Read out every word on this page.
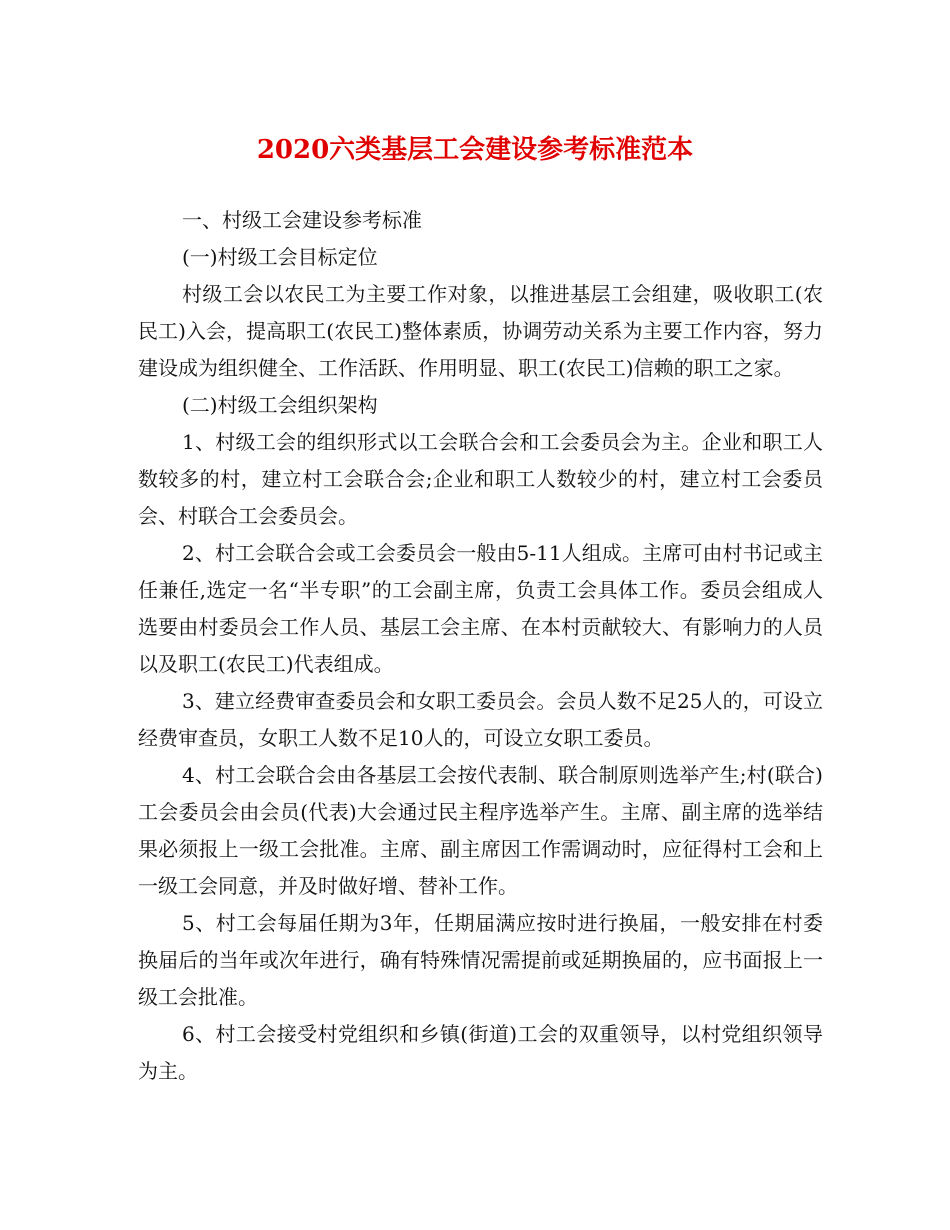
2020六类基层工会建设参考标准范本

一、村级工会建设参考标准

(一)村级工会目标定位

村级工会以农民工为主要工作对象，以推进基层工会组建，吸收职工(农民工)入会，提高职工(农民工)整体素质，协调劳动关系为主要工作内容，努力建设成为组织健全、工作活跃、作用明显、职工(农民工)信赖的职工之家。

(二)村级工会组织架构

1、村级工会的组织形式以工会联合会和工会委员会为主。企业和职工人数较多的村，建立村工会联合会;企业和职工人数较少的村，建立村工会委员会、村联合工会委员会。

2、村工会联合会或工会委员会一般由5-11人组成。主席可由村书记或主任兼任,选定一名“半专职”的工会副主席，负责工会具体工作。委员会组成人选要由村委员会工作人员、基层工会主席、在本村贡献较大、有影响力的人员以及职工(农民工)代表组成。

3、建立经费审查委员会和女职工委员会。会员人数不足25人的，可设立经费审查员，女职工人数不足10人的，可设立女职工委员。

4、村工会联合会由各基层工会按代表制、联合制原则选举产生;村(联合)工会委员会由会员(代表)大会通过民主程序选举产生。主席、副主席的选举结果必须报上一级工会批准。主席、副主席因工作需调动时，应征得村工会和上一级工会同意，并及时做好增、替补工作。

5、村工会每届任期为3年，任期届满应按时进行换届，一般安排在村委换届后的当年或次年进行，确有特殊情况需提前或延期换届的，应书面报上一级工会批准。

6、村工会接受村党组织和乡镇(街道)工会的双重领导，以村党组织领导为主。
